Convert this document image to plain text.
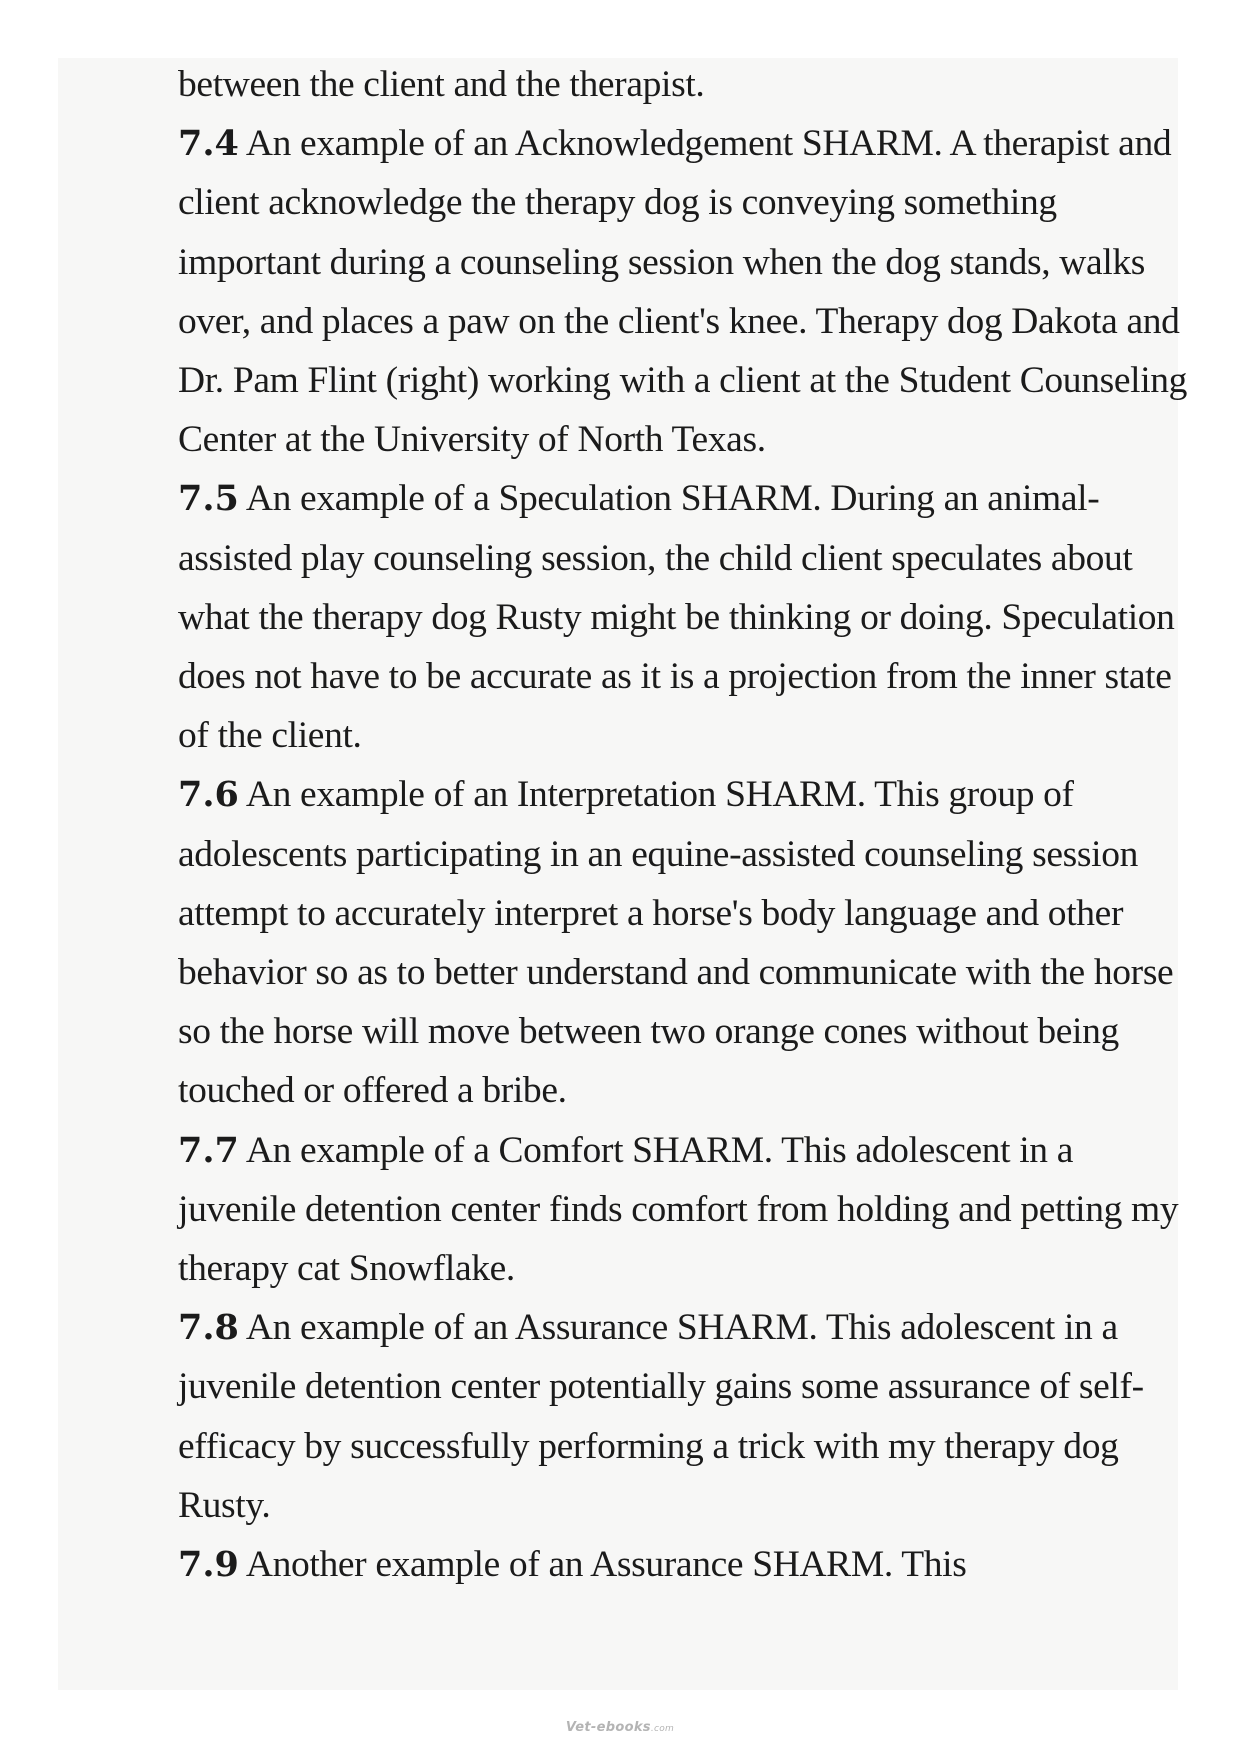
between the client and the therapist.

7.4 An example of an Acknowledgement SHARM. A therapist and client acknowledge the therapy dog is conveying something important during a counseling session when the dog stands, walks over, and places a paw on the client's knee. Therapy dog Dakota and Dr. Pam Flint (right) working with a client at the Student Counseling Center at the University of North Texas.

7.5 An example of a Speculation SHARM. During an animal-assisted play counseling session, the child client speculates about what the therapy dog Rusty might be thinking or doing. Speculation does not have to be accurate as it is a projection from the inner state of the client.

7.6 An example of an Interpretation SHARM. This group of adolescents participating in an equine-assisted counseling session attempt to accurately interpret a horse's body language and other behavior so as to better understand and communicate with the horse so the horse will move between two orange cones without being touched or offered a bribe.

7.7 An example of a Comfort SHARM. This adolescent in a juvenile detention center finds comfort from holding and petting my therapy cat Snowflake.

7.8 An example of an Assurance SHARM. This adolescent in a juvenile detention center potentially gains some assurance of self-efficacy by successfully performing a trick with my therapy dog Rusty.

7.9 Another example of an Assurance SHARM. This

Vet-ebooks.com
